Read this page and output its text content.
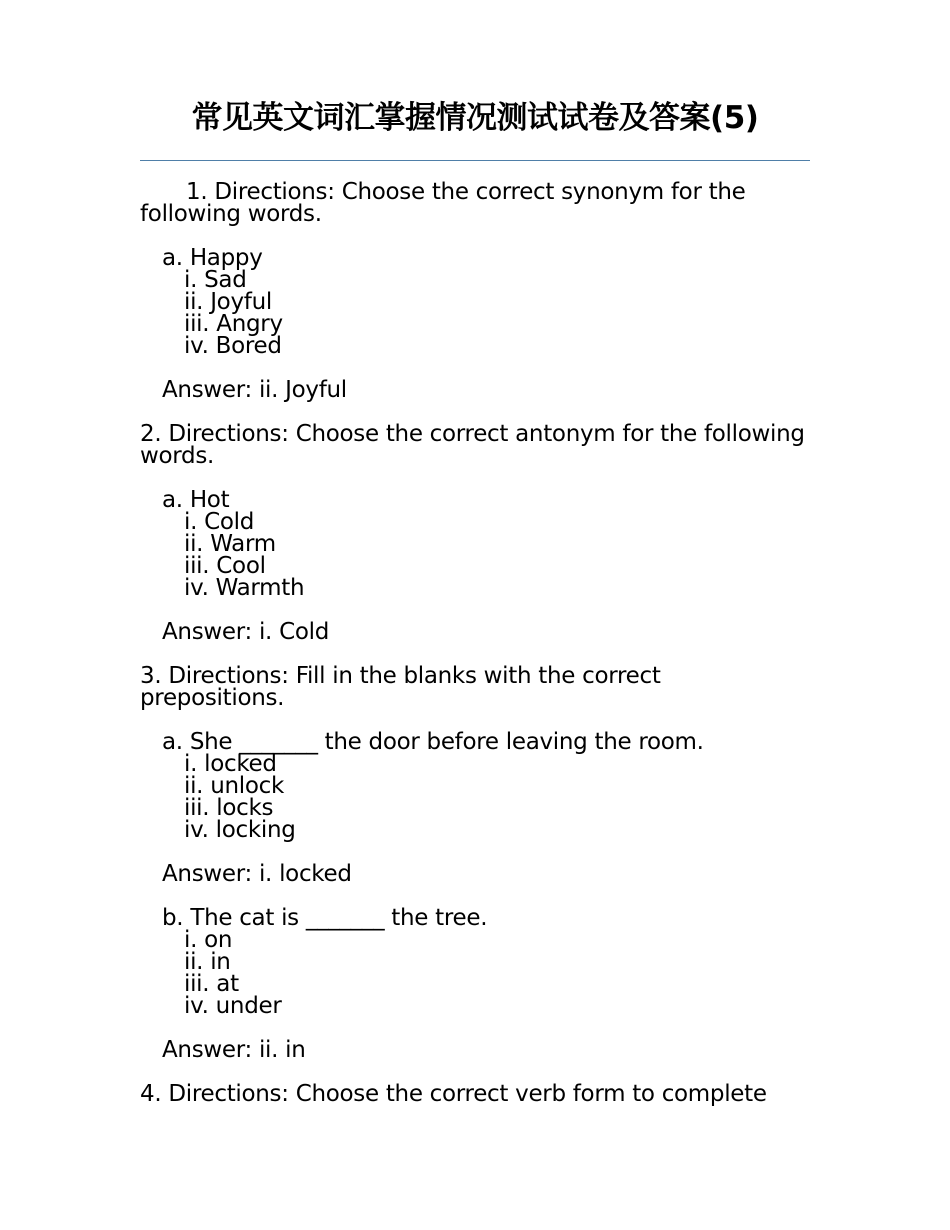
常见英文词汇掌握情况测试试卷及答案(5)

1. Directions: Choose the correct synonym for the following words.

a. Happy

i. Sad
ii. Joyful
iii. Angry
iv. Bored

Answer: ii. Joyful

2. Directions: Choose the correct antonym for the following words.

a. Hot

i. Cold
ii. Warm
iii. Cool
iv. Warmth

Answer: i. Cold

3. Directions: Fill in the blanks with the correct prepositions.

a. She _______ the door before leaving the room.

i. locked
ii. unlock
iii. locks
iv. locking

Answer: i. locked

b. The cat is _______ the tree.

i. on
ii. in
iii. at
iv. under

Answer: ii. in

4. Directions: Choose the correct verb form to complete
